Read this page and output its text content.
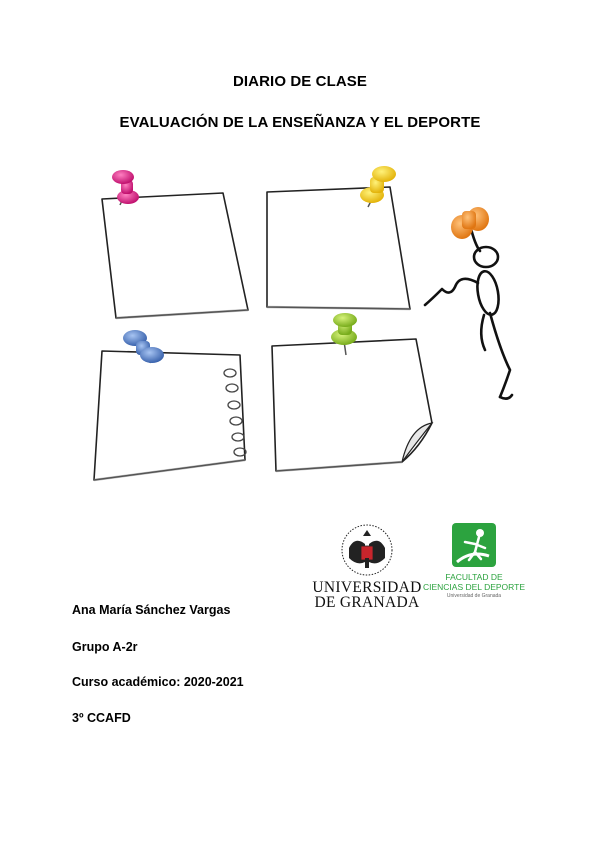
DIARIO DE CLASE
EVALUACIÓN DE LA ENSEÑANZA Y EL DEPORTE
UNIVERSIDAD
DE GRANADA
FACULTAD DE
CIENCIAS DEL DEPORTE
Universidad de Granada
Ana María Sánchez Vargas
Grupo A-2r
Curso académico: 2020-2021
3º CCAFD
